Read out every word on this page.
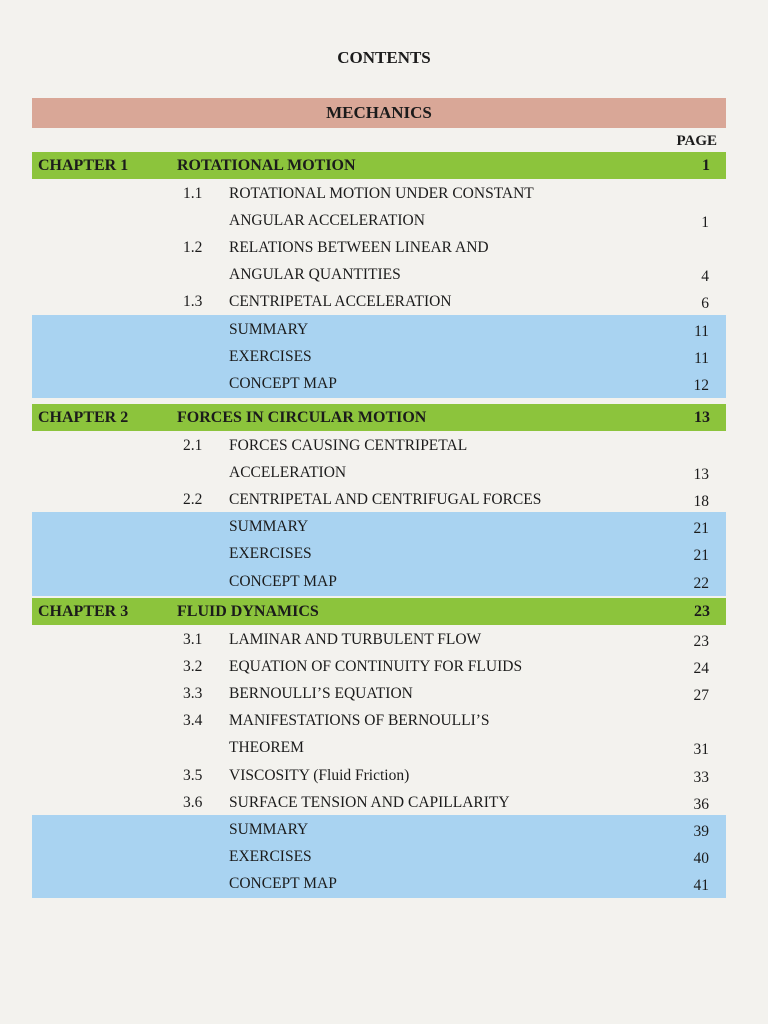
CONTENTS
MECHANICS
PAGE
CHAPTER 1	ROTATIONAL MOTION	1
1.1 ROTATIONAL MOTION UNDER CONSTANT
ANGULAR ACCELERATION	1
1.2 RELATIONS BETWEEN LINEAR AND
ANGULAR QUANTITIES	4
1.3 CENTRIPETAL ACCELERATION	6
SUMMARY	11
EXERCISES	11
CONCEPT MAP	12
CHAPTER 2	FORCES IN CIRCULAR MOTION	13
2.1 FORCES CAUSING CENTRIPETAL
ACCELERATION	13
2.2 CENTRIPETAL AND CENTRIFUGAL FORCES	18
SUMMARY	21
EXERCISES	21
CONCEPT MAP	22
CHAPTER 3	FLUID DYNAMICS	23
3.1 LAMINAR AND TURBULENT FLOW	23
3.2 EQUATION OF CONTINUITY FOR FLUIDS	24
3.3 BERNOULLI’S EQUATION	27
3.4 MANIFESTATIONS OF BERNOULLI’S
THEOREM	31
3.5 VISCOSITY (Fluid Friction)	33
3.6 SURFACE TENSION AND CAPILLARITY	36
SUMMARY	39
EXERCISES	40
CONCEPT MAP	41
